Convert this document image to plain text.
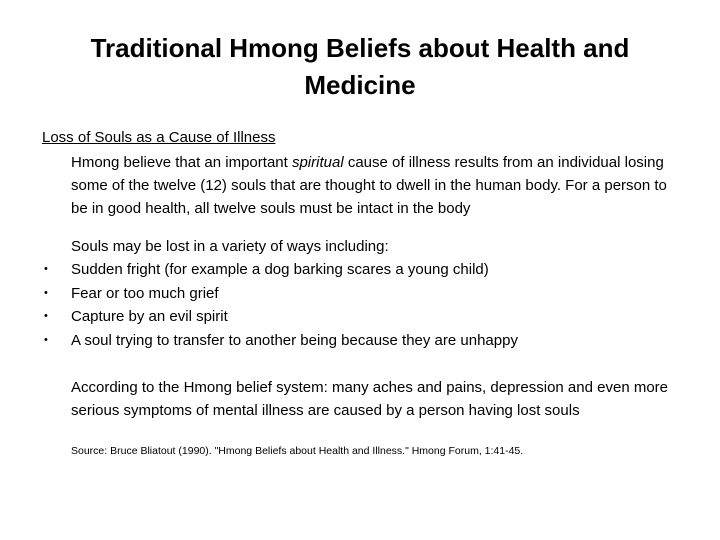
Traditional Hmong Beliefs about Health and Medicine

Loss of Souls as a Cause of Illness

Hmong believe that an important spiritual cause of illness results from an individual losing some of the twelve (12) souls that are thought to dwell in the human body. For a person to be in good health, all twelve souls must be intact in the body

Souls may be lost in a variety of ways including:

• Sudden fright (for example a dog barking scares a young child)
• Fear or too much grief
• Capture by an evil spirit
• A soul trying to transfer to another being because they are unhappy

According to the Hmong belief system: many aches and pains, depression and even more serious symptoms of mental illness are caused by a person having lost souls

Source: Bruce Bliatout (1990). "Hmong Beliefs about Health and Illness." Hmong Forum, 1:41-45.
